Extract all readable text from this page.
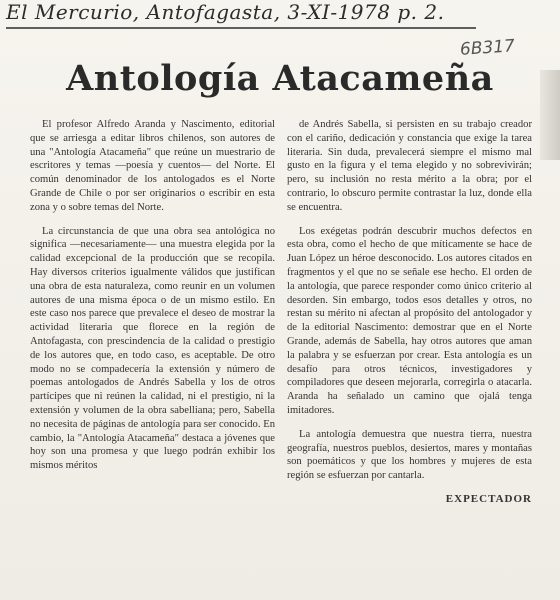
El Mercurio, Antofagasta, 3-XI-1978 p. 2.
6B317
Antología Atacameña

El profesor Alfredo Aranda y Nascimento, editorial que se arriesga a editar libros chilenos, son autores de una "Antología Atacameña" que reúne un muestrario de escritores y temas —poesía y cuentos— del Norte. El común denominador de los antologados es el Norte Grande de Chile o por ser originarios o escribir en esta zona y o sobre temas del Norte.

La circunstancia de que una obra sea antológica no significa —necesariamente— una muestra elegida por la calidad excepcional de la producción que se recopila. Hay diversos criterios igualmente válidos que justifican una obra de esta naturaleza, como reunir en un volumen autores de una misma época o de un mismo estilo. En este caso nos parece que prevalece el deseo de mostrar la actividad literaria que florece en la región de Antofagasta, con prescindencia de la calidad o prestigio de los autores que, en todo caso, es aceptable. De otro modo no se compadecería la extensión y número de poemas antologados de Andrés Sabella y los de otros partícipes que ni reúnen la calidad, ni el prestigio, ni la extensión y volumen de la obra sabelliana; pero, Sabella no necesita de páginas de antología para ser conocido. En cambio, la "Antología Atacameña" destaca a jóvenes que hoy son una promesa y que luego podrán exhibir los mismos méritos

de Andrés Sabella, si persisten en su trabajo creador con el cariño, dedicación y constancia que exige la tarea literaria. Sin duda, prevalecerá siempre el mismo mal gusto en la figura y el tema elegido y no sobrevivirán; pero, su inclusión no resta mérito a la obra; por el contrario, lo obscuro permite contrastar la luz, donde ella se encuentra.

Los exégetas podrán descubrir muchos defectos en esta obra, como el hecho de que míticamente se hace de Juan López un héroe desconocido. Los autores citados en fragmentos y el que no se señale ese hecho. El orden de la antología, que parece responder como único criterio al desorden. Sin embargo, todos esos detalles y otros, no restan su mérito ni afectan al propósito del antologador y de la editorial Nascimento: demostrar que en el Norte Grande, además de Sabella, hay otros autores que aman la palabra y se esfuerzan por crear. Esta antología es un desafío para otros técnicos, investigadores y compiladores que deseen mejorarla, corregirla o atacarla. Aranda ha señalado un camino que ojalá tenga imitadores.

La antología demuestra que nuestra tierra, nuestra geografía, nuestros pueblos, desiertos, mares y montañas son poemáticos y que los hombres y mujeres de esta región se esfuerzan por cantarla.

EXPECTADOR
